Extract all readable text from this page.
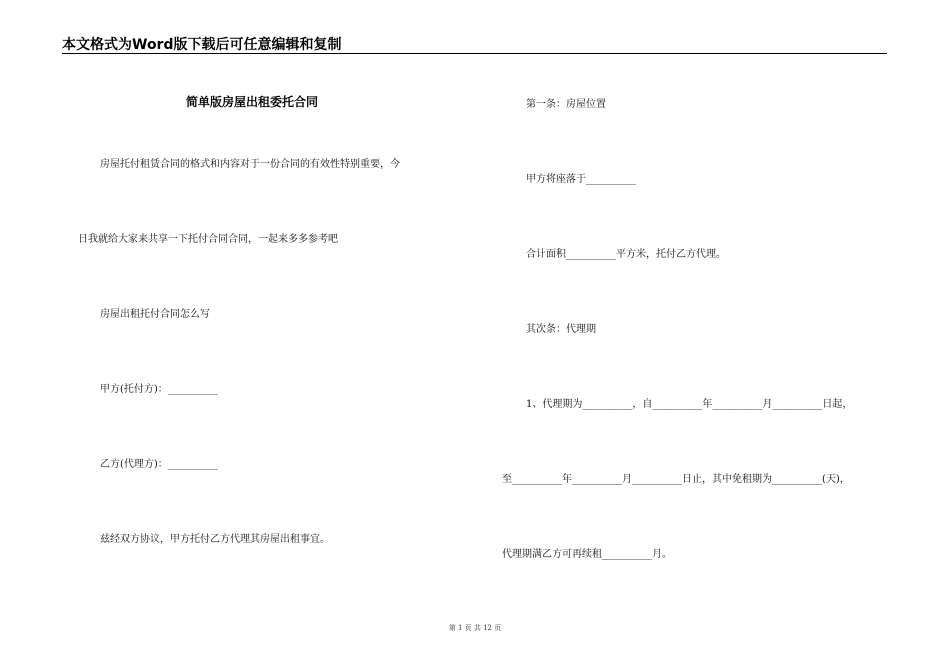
本文格式为Word版下载后可任意编辑和复制
简单版房屋出租委托合同
房屋托付租赁合同的格式和内容对于一份合同的有效性特别重要，今
日我就给大家来共享一下托付合同合同，一起来多多参考吧
房屋出租托付合同怎么写
甲方(托付方)：__________
乙方(代理方)：__________
兹经双方协议，甲方托付乙方代理其房屋出租事宜。
第一条：房屋位置
甲方将座落于__________
合计面积__________平方米，托付乙方代理。
其次条：代理期
1、代理期为__________，自__________年__________月__________日起，
至__________年__________月__________日止，其中免租期为__________(天)，
代理期满乙方可再续租__________月。
第 1 页 共 12 页
